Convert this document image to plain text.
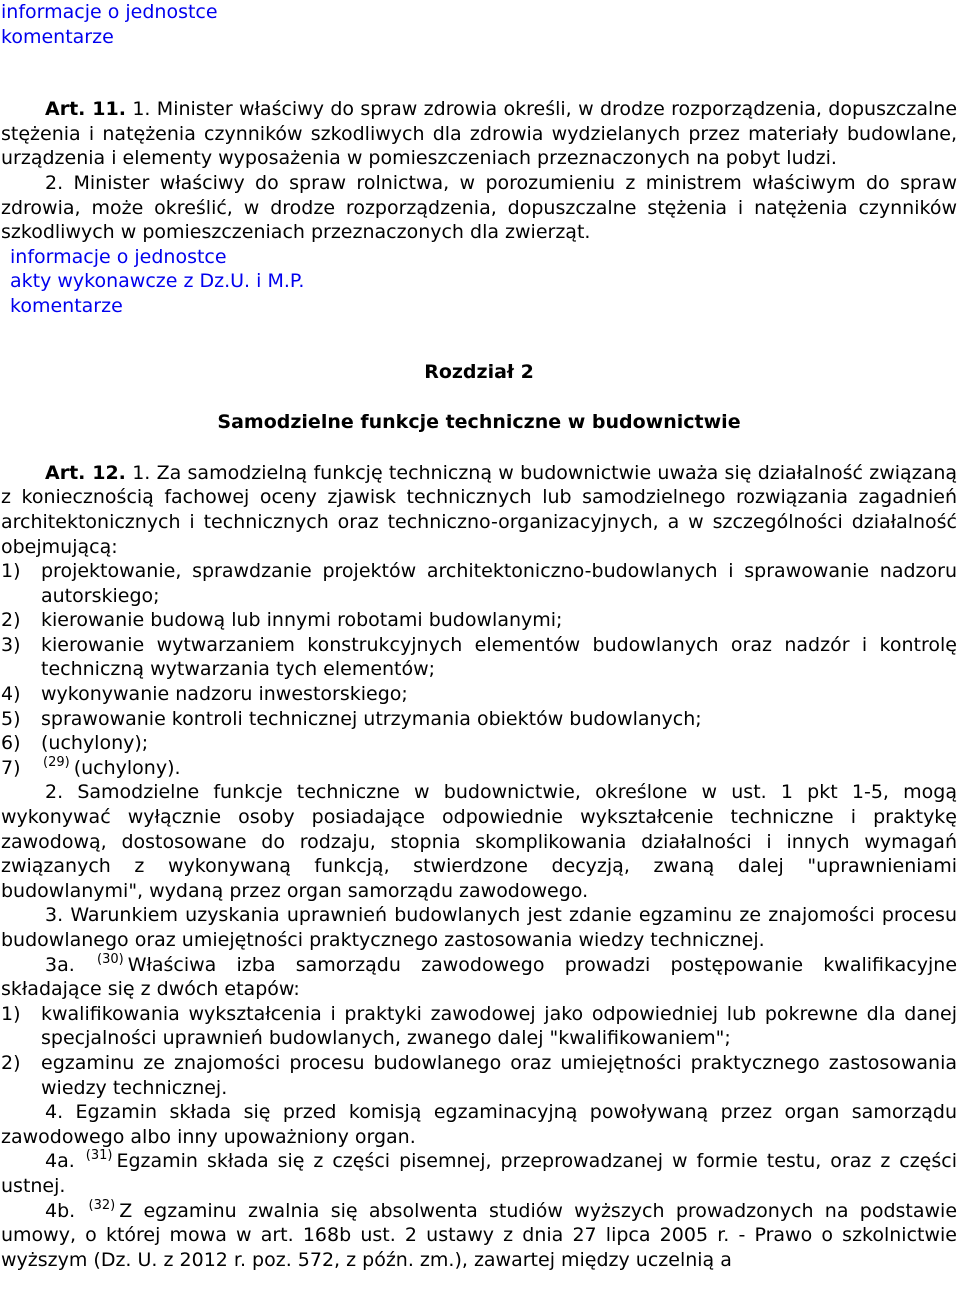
informacje o jednostce
komentarze

Art. 11. 1. Minister właściwy do spraw zdrowia określi, w drodze rozporządzenia, dopuszczalne stężenia i natężenia czynników szkodliwych dla zdrowia wydzielanych przez materiały budowlane, urządzenia i elementy wyposażenia w pomieszczeniach przeznaczonych na pobyt ludzi.

2. Minister właściwy do spraw rolnictwa, w porozumieniu z ministrem właściwym do spraw zdrowia, może określić, w drodze rozporządzenia, dopuszczalne stężenia i natężenia czynników szkodliwych w pomieszczeniach przeznaczonych dla zwierząt.

informacje o jednostce
akty wykonawcze z Dz.U. i M.P.
komentarze

Rozdział 2

Samodzielne funkcje techniczne w budownictwie

Art. 12. 1. Za samodzielną funkcję techniczną w budownictwie uważa się działalność związaną z koniecznością fachowej oceny zjawisk technicznych lub samodzielnego rozwiązania zagadnień architektonicznych i technicznych oraz techniczno-organizacyjnych, a w szczególności działalność obejmującą:

1)	projektowanie, sprawdzanie projektów architektoniczno-budowlanych i sprawowanie nadzoru autorskiego;
2)	kierowanie budową lub innymi robotami budowlanymi;
3)	kierowanie wytwarzaniem konstrukcyjnych elementów budowlanych oraz nadzór i kontrolę techniczną wytwarzania tych elementów;
4)	wykonywanie nadzoru inwestorskiego;
5)	sprawowanie kontroli technicznej utrzymania obiektów budowlanych;
6)	(uchylony);
7)	$^{(29)}$ (uchylony).

2. Samodzielne funkcje techniczne w budownictwie, określone w ust. 1 pkt 1-5, mogą wykonywać wyłącznie osoby posiadające odpowiednie wykształcenie techniczne i praktykę zawodową, dostosowane do rodzaju, stopnia skomplikowania działalności i innych wymagań związanych z wykonywaną funkcją, stwierdzone decyzją, zwaną dalej "uprawnieniami budowlanymi", wydaną przez organ samorządu zawodowego.

3. Warunkiem uzyskania uprawnień budowlanych jest zdanie egzaminu ze znajomości procesu budowlanego oraz umiejętności praktycznego zastosowania wiedzy technicznej.

3a. $^{(30)}$ Właściwa izba samorządu zawodowego prowadzi postępowanie kwalifikacyjne składające się z dwóch etapów:

1)	kwalifikowania wykształcenia i praktyki zawodowej jako odpowiedniej lub pokrewne dla danej specjalności uprawnień budowlanych, zwanego dalej "kwalifikowaniem";
2)	egzaminu ze znajomości procesu budowlanego oraz umiejętności praktycznego zastosowania wiedzy technicznej.

4. Egzamin składa się przed komisją egzaminacyjną powoływaną przez organ samorządu zawodowego albo inny upoważniony organ.

4a. $^{(31)}$ Egzamin składa się z części pisemnej, przeprowadzanej w formie testu, oraz z części ustnej.

4b. $^{(32)}$ Z egzaminu zwalnia się absolwenta studiów wyższych prowadzonych na podstawie umowy, o której mowa w art. 168b ust. 2 ustawy z dnia 27 lipca 2005 r. - Prawo o szkolnictwie wyższym (Dz. U. z 2012 r. poz. 572, z późn. zm.), zawartej między uczelnią a
